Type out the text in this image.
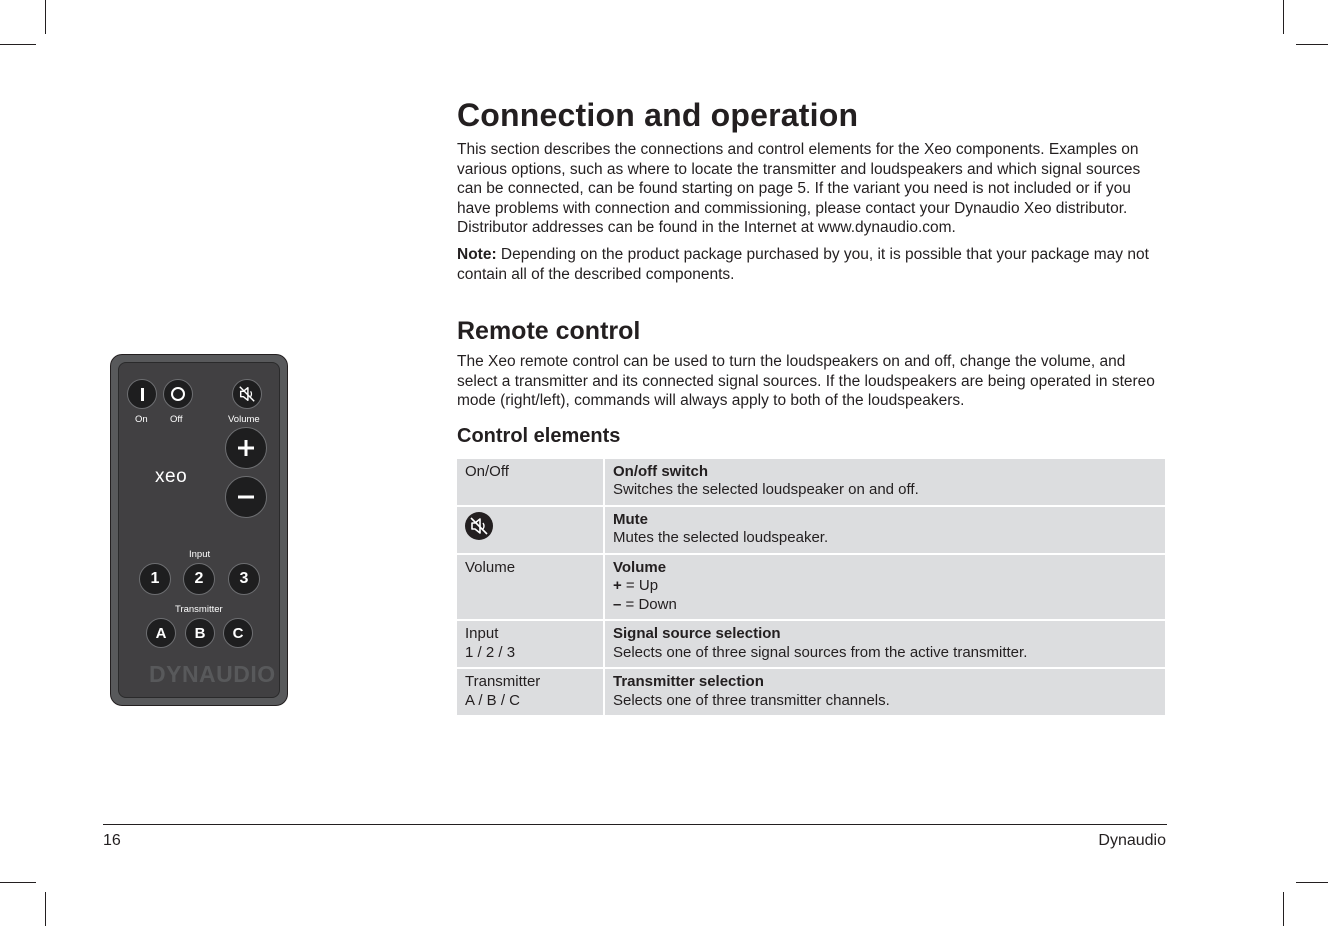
On Off	Volume
xeo
Input
1	2	3
Transmitter
A	B	C
DYNAUDIO
Connection and operation

This section describes the connections and control elements for the Xeo components. Examples on various options, such as where to locate the transmitter and loudspeakers and which signal sources can be connected, can be found starting on page 5. If the variant you need is not included or if you have problems with connection and commissioning, please contact your Dynaudio Xeo distributor. Distributor addresses can be found in the Internet at www.dynaudio.com.

Note: Depending on the product package purchased by you, it is possible that your package may not contain all of the described components.

Remote control

The Xeo remote control can be used to turn the loudspeakers on and off, change the volume, and select a transmitter and its connected signal sources. If the loudspeakers are being operated in stereo mode (right/left), commands will always apply to both of the loudspeakers.

Control elements
On/Off	On/off switch
Switches the selected loudspeaker on and off.
	Mute
Mutes the selected loudspeaker.
Volume	Volume
+ = Up
– = Down
Input
1 / 2 / 3	Signal source selection
Selects one of three signal sources from the active transmitter.
Transmitter
A / B / C	Transmitter selection
Selects one of three transmitter channels.
16	Dynaudio
